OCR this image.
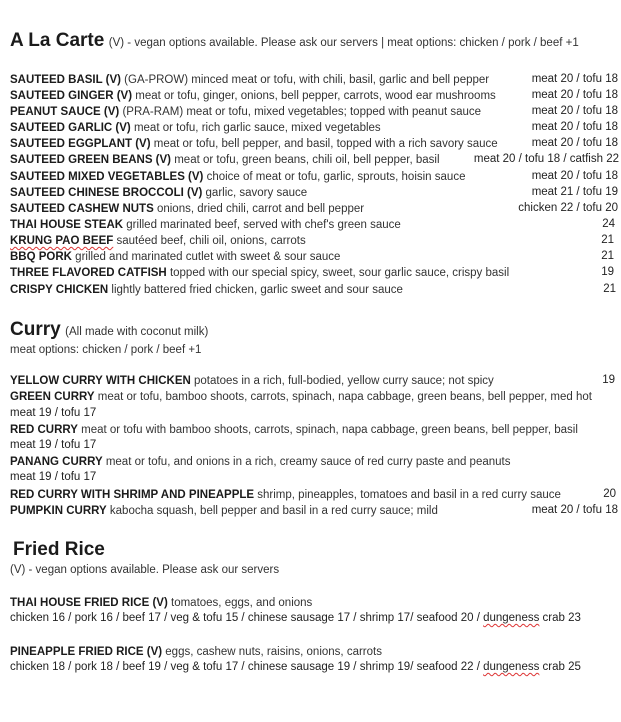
A La Carte (V) - vegan options available. Please ask our servers | meat options: chicken / pork / beef +1
SAUTEED BASIL (V) (GA-PROW) minced meat or tofu, with chili, basil, garlic and bell pepper	meat 20 / tofu 18
SAUTEED GINGER (V) meat or tofu, ginger, onions, bell pepper, carrots, wood ear mushrooms	meat 20 / tofu 18
PEANUT SAUCE (V) (PRA-RAM) meat or tofu, mixed vegetables; topped with peanut sauce	meat 20 / tofu 18
SAUTEED GARLIC (V) meat or tofu, rich garlic sauce, mixed vegetables	meat 20 / tofu 18
SAUTEED EGGPLANT (V) meat or tofu, bell pepper, and basil, topped with a rich savory sauce	meat 20 / tofu 18
SAUTEED GREEN BEANS (V) meat or tofu, green beans, chili oil, bell pepper, basil	meat 20 / tofu 18 / catfish 22
SAUTEED MIXED VEGETABLES (V) choice of meat or tofu, garlic, sprouts, hoisin sauce	meat 20 / tofu 18
SAUTEED CHINESE BROCCOLI (V) garlic, savory sauce	meat 21 / tofu 19
SAUTEED CASHEW NUTS onions, dried chili, carrot and bell pepper	chicken 22 / tofu 20
THAI HOUSE STEAK grilled marinated beef, served with chef's green sauce	24
KRUNG PAO BEEF sautéed beef, chili oil, onions, carrots	21
BBQ PORK grilled and marinated cutlet with sweet & sour sauce	21
THREE FLAVORED CATFISH topped with our special spicy, sweet, sour garlic sauce, crispy basil	19
CRISPY CHICKEN lightly battered fried chicken, garlic sweet and sour sauce	21
Curry (All made with coconut milk)
meat options: chicken / pork / beef +1
YELLOW CURRY WITH CHICKEN potatoes in a rich, full-bodied, yellow curry sauce; not spicy	19
GREEN CURRY meat or tofu, bamboo shoots, carrots, spinach, napa cabbage, green beans, bell pepper, med hot
meat 19 / tofu 17
RED CURRY meat or tofu with bamboo shoots, carrots, spinach, napa cabbage, green beans, bell pepper, basil
meat 19 / tofu 17
PANANG CURRY meat or tofu, and onions in a rich, creamy sauce of red curry paste and peanuts
meat 19 / tofu 17
RED CURRY WITH SHRIMP AND PINEAPPLE shrimp, pineapples, tomatoes and basil in a red curry sauce	20
PUMPKIN CURRY kabocha squash, bell pepper and basil in a red curry sauce; mild	meat 20 / tofu 18
Fried Rice
(V) - vegan options available. Please ask our servers
THAI HOUSE FRIED RICE (V) tomatoes, eggs, and onions
chicken 16 / pork 16 / beef 17 / veg & tofu 15 / chinese sausage 17 / shrimp 17/ seafood 20 / dungeness crab 23
PINEAPPLE FRIED RICE (V) eggs, cashew nuts, raisins, onions, carrots
chicken 18 / pork 18 / beef 19 / veg & tofu 17 / chinese sausage 19 / shrimp 19/ seafood 22 / dungeness crab 25
